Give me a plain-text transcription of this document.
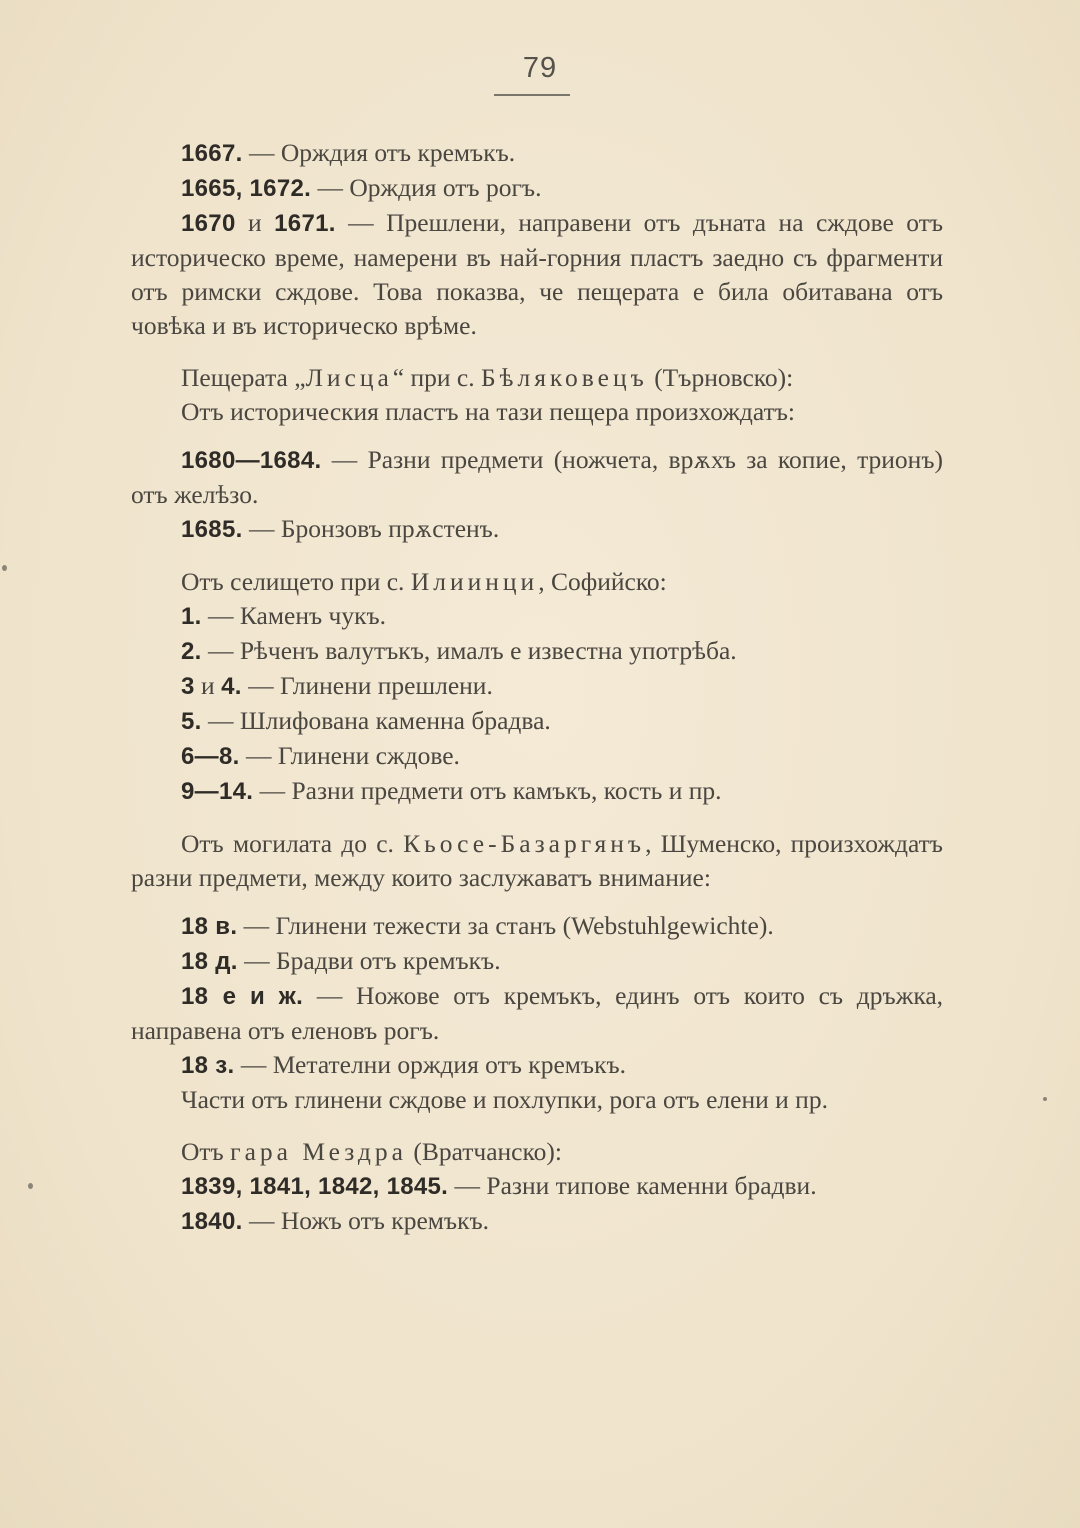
79

1667. — Орждия отъ кремъкъ.

1665, 1672. — Орждия отъ рогъ.

1670 и 1671. — Прешлени, направени отъ дъната на сждове отъ историческо време, намерени въ най-горния пластъ заедно съ фрагменти отъ римски сждове. Това показва, че пещерата е била обитавана отъ човѣка и въ историческо врѣме.

Пещерата „Лисца“ при с. Бѣляковецъ (Търновско):

Отъ историческия пластъ на тази пещера произхождатъ:

1680—1684. — Разни предмети (ножчета, врѫхъ за копие, трионъ) отъ желѣзо.

1685. — Бронзовъ прѫстенъ.

Отъ селището при с. Илиинци, Софийско:

1. — Каменъ чукъ.

2. — Рѣченъ валутъкъ, ималъ е известна употрѣба.

3 и 4. — Глинени прешлени.

5. — Шлифована каменна брадва.

6—8. — Глинени сждове.

9—14. — Разни предмети отъ камъкъ, кость и пр.

Отъ могилата до с. Кьосе-Базаргянъ, Шуменско, произхождатъ разни предмети, между които заслужаватъ внимание:

18 в. — Глинени тежести за станъ (Webstuhlgewichte).

18 д. — Брадви отъ кремъкъ.

18 е и ж. — Ножове отъ кремъкъ, единъ отъ които съ дръжка, направена отъ еленовъ рогъ.

18 з. — Метателни орждия отъ кремъкъ.

Части отъ глинени сждове и похлупки, рога отъ елени и пр.

Отъ гара Мездра (Вратчанско):

1839, 1841, 1842, 1845. — Разни типове каменни брадви.

1840. — Ножъ отъ кремъкъ.
